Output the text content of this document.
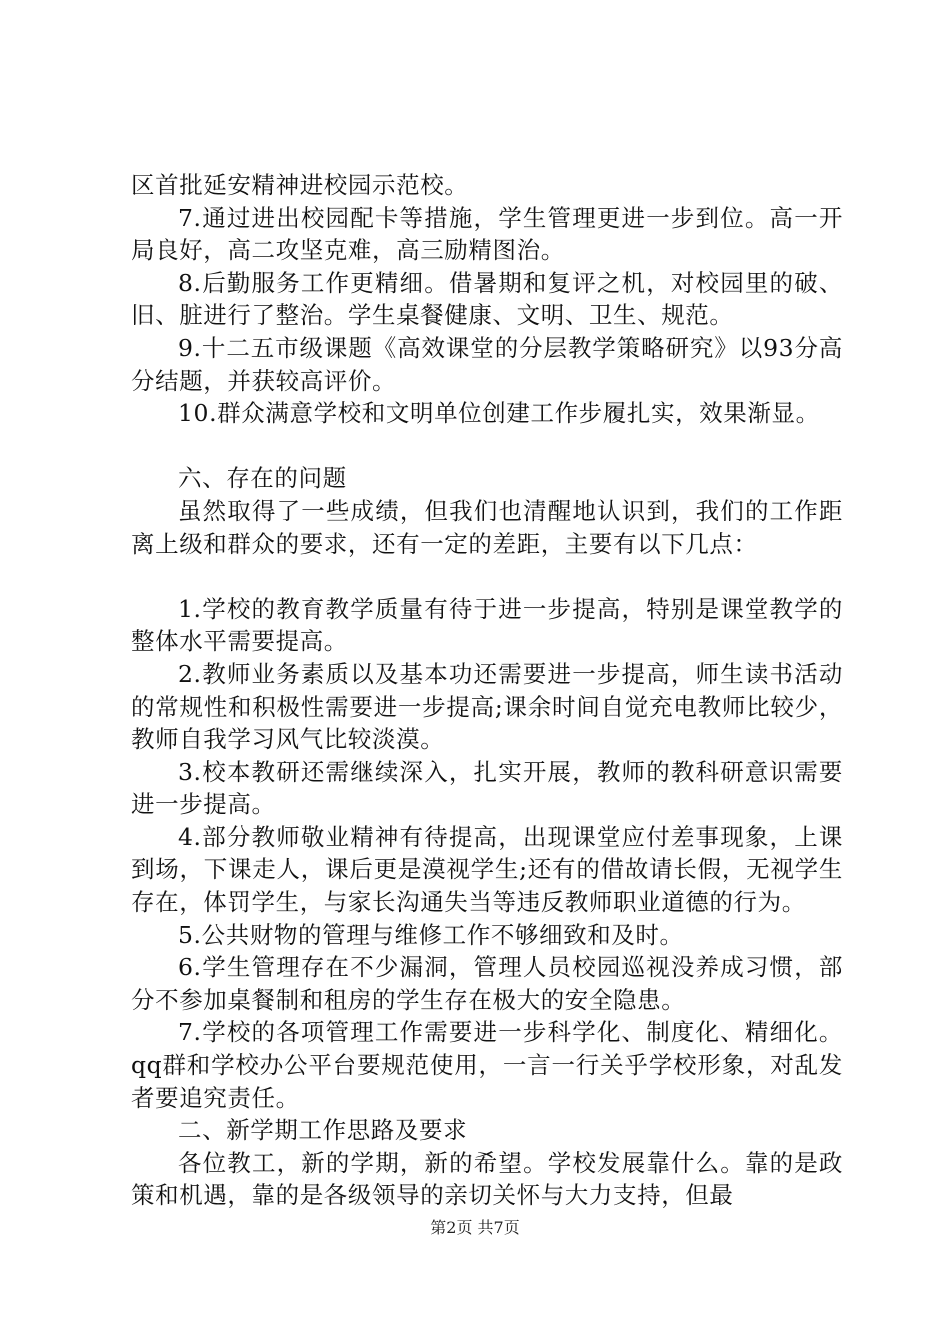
区首批延安精神进校园示范校。

7.通过进出校园配卡等措施，学生管理更进一步到位。高一开局良好，高二攻坚克难，高三励精图治。

8.后勤服务工作更精细。借暑期和复评之机，对校园里的破、旧、脏进行了整治。学生桌餐健康、文明、卫生、规范。

9.十二五市级课题《高效课堂的分层教学策略研究》以93分高分结题，并获较高评价。

10.群众满意学校和文明单位创建工作步履扎实，效果渐显。

六、存在的问题

虽然取得了一些成绩，但我们也清醒地认识到，我们的工作距离上级和群众的要求，还有一定的差距，主要有以下几点：

1.学校的教育教学质量有待于进一步提高，特别是课堂教学的整体水平需要提高。

2.教师业务素质以及基本功还需要进一步提高，师生读书活动的常规性和积极性需要进一步提高;课余时间自觉充电教师比较少，教师自我学习风气比较淡漠。

3.校本教研还需继续深入，扎实开展，教师的教科研意识需要进一步提高。

4.部分教师敬业精神有待提高，出现课堂应付差事现象，上课到场，下课走人，课后更是漠视学生;还有的借故请长假，无视学生存在，体罚学生，与家长沟通失当等违反教师职业道德的行为。

5.公共财物的管理与维修工作不够细致和及时。

6.学生管理存在不少漏洞，管理人员校园巡视没养成习惯，部分不参加桌餐制和租房的学生存在极大的安全隐患。

7.学校的各项管理工作需要进一步科学化、制度化、精细化。qq群和学校办公平台要规范使用，一言一行关乎学校形象，对乱发者要追究责任。

二、新学期工作思路及要求

各位教工，新的学期，新的希望。学校发展靠什么。靠的是政策和机遇，靠的是各级领导的亲切关怀与大力支持，但最

第2页 共7页
